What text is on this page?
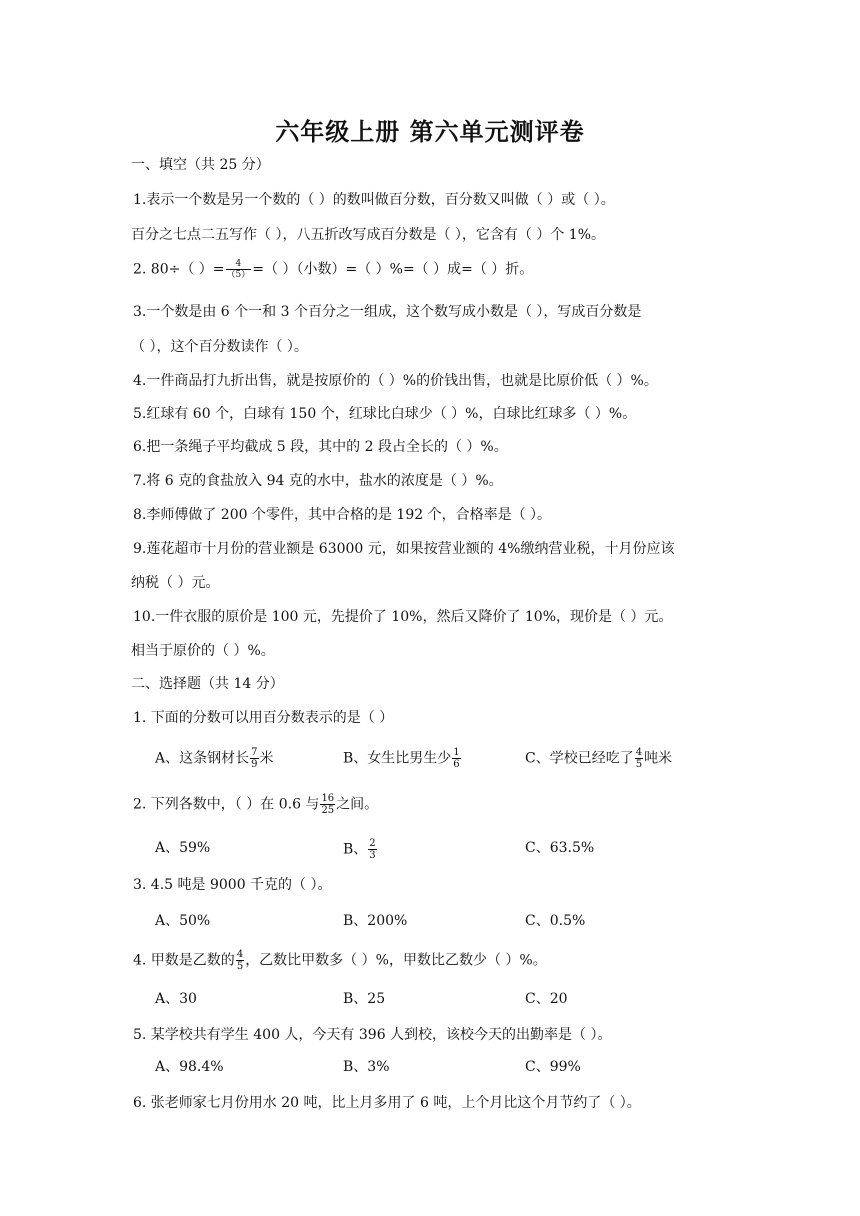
六年级上册 第六单元测评卷
一、填空（共 25 分）
1.表示一个数是另一个数的（ ）的数叫做百分数，百分数又叫做（ ）或（ ）。
百分之七点二五写作（ ），八五折改写成百分数是（ ），它含有（ ）个 1%。
2. 80÷（ ）= $\frac{4}{(5)}$ =（ ）（小数）=（ ）%=（ ）成=（ ）折。
3.一个数是由 6 个一和 3 个百分之一组成，这个数写成小数是（ ），写成百分数是
（ ），这个百分数读作（ ）。
4.一件商品打九折出售，就是按原价的（ ）%的价钱出售，也就是比原价低（ ）%。
5.红球有 60 个，白球有 150 个，红球比白球少（ ）%，白球比红球多（ ）%。
6.把一条绳子平均截成 5 段，其中的 2 段占全长的（ ）%。
7.将 6 克的食盐放入 94 克的水中，盐水的浓度是（ ）%。
8.李师傅做了 200 个零件，其中合格的是 192 个，合格率是（ ）。
9.莲花超市十月份的营业额是 63000 元，如果按营业额的 4%缴纳营业税，十月份应该
纳税（ ）元。
10.一件衣服的原价是 100 元，先提价了 10%，然后又降价了 10%，现价是（ ）元。
相当于原价的（ ）%。
二、选择题（共 14 分）
1. 下面的分数可以用百分数表示的是（ ）
A、这条钢材长 $\frac{7}{9}$ 米	B、女生比男生少 $\frac{1}{6}$	C、学校已经吃了 $\frac{4}{5}$ 吨米
2. 下列各数中，（ ）在 0.6 与 $\frac{16}{25}$ 之间。
A、59%	B、 $\frac{2}{3}$	C、63.5%
3. 4.5 吨是 9000 千克的（ ）。
A、50%	B、200%	C、0.5%
4. 甲数是乙数的 $\frac{4}{5}$ ，乙数比甲数多（ ）%，甲数比乙数少（ ）%。
A、30	B、25	C、20
5. 某学校共有学生 400 人，今天有 396 人到校，该校今天的出勤率是（ ）。
A、98.4%	B、3%	C、99%
6. 张老师家七月份用水 20 吨，比上月多用了 6 吨，上个月比这个月节约了（ ）。
